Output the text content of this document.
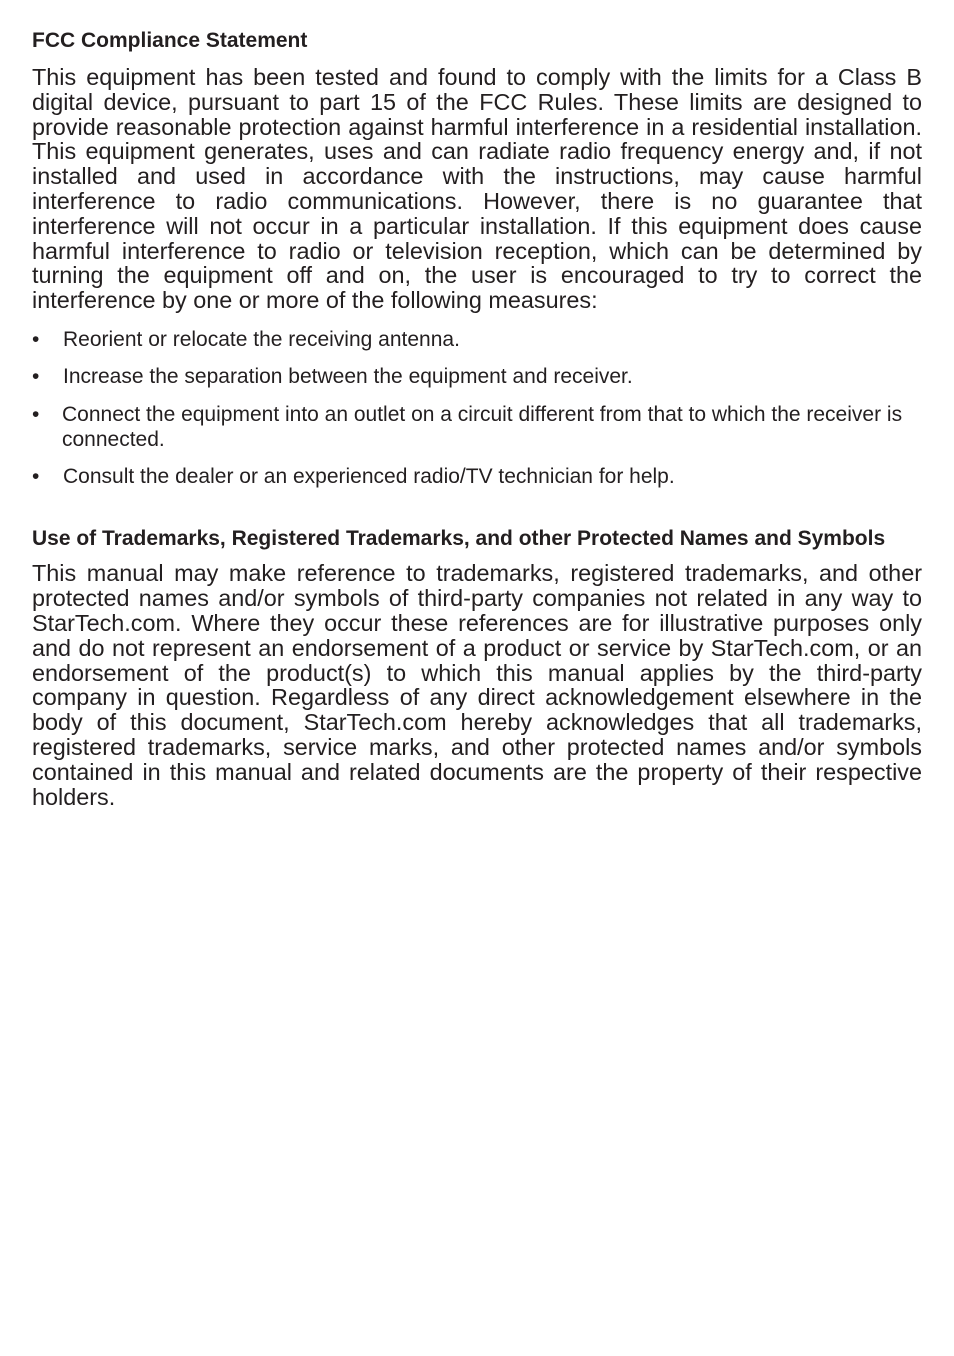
FCC Compliance Statement

This equipment has been tested and found to comply with the limits for a Class B digital device, pursuant to part 15 of the FCC Rules. These limits are designed to provide reasonable protection against harmful interference in a residential installation. This equipment generates, uses and can radiate radio frequency energy and, if not installed and used in accordance with the instructions, may cause harmful interference to radio communications. However, there is no guarantee that interference will not occur in a particular installation. If this equipment does cause harmful interference to radio or television reception, which can be determined by turning the equipment off and on, the user is encouraged to try to correct the interference by one or more of the following measures:

• Reorient or relocate the receiving antenna.
• Increase the separation between the equipment and receiver.
• Connect the equipment into an outlet on a circuit different from that to which the receiver is connected.
• Consult the dealer or an experienced radio/TV technician for help.
Use of Trademarks, Registered Trademarks, and other Protected Names and Symbols

This manual may make reference to trademarks, registered trademarks, and other protected names and/or symbols of third-party companies not related in any way to StarTech.com. Where they occur these references are for illustrative purposes only and do not represent an endorsement of a product or service by StarTech.com, or an endorsement of the product(s) to which this manual applies by the third-party company in question. Regardless of any direct acknowledgement elsewhere in the body of this document, StarTech.com hereby acknowledges that all trademarks, registered trademarks, service marks, and other protected names and/or symbols contained in this manual and related documents are the property of their respective holders.
